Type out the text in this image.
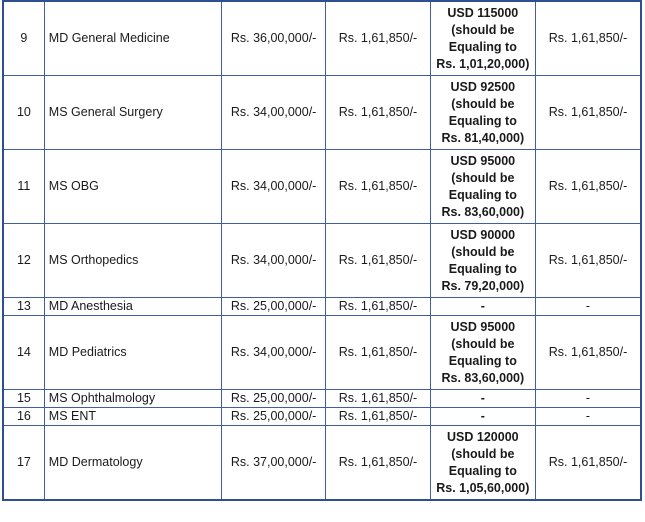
9	MD General Medicine	Rs. 36,00,000/-	Rs. 1,61,850/-	USD 115000
(should be
Equaling to
Rs. 1,01,20,000)	Rs. 1,61,850/-
10	MS General Surgery	Rs. 34,00,000/-	Rs. 1,61,850/-	USD 92500
(should be
Equaling to
Rs. 81,40,000)	Rs. 1,61,850/-
11	MS OBG	Rs. 34,00,000/-	Rs. 1,61,850/-	USD 95000
(should be
Equaling to
Rs. 83,60,000)	Rs. 1,61,850/-
12	MS Orthopedics	Rs. 34,00,000/-	Rs. 1,61,850/-	USD 90000
(should be
Equaling to
Rs. 79,20,000)	Rs. 1,61,850/-
13	MD Anesthesia	Rs. 25,00,000/-	Rs. 1,61,850/-	-	-
14	MD Pediatrics	Rs. 34,00,000/-	Rs. 1,61,850/-	USD 95000
(should be
Equaling to
Rs. 83,60,000)	Rs. 1,61,850/-
15	MS Ophthalmology	Rs. 25,00,000/-	Rs. 1,61,850/-	-	-
16	MS ENT	Rs. 25,00,000/-	Rs. 1,61,850/-	-	-
17	MD Dermatology	Rs. 37,00,000/-	Rs. 1,61,850/-	USD 120000
(should be
Equaling to
Rs. 1,05,60,000)	Rs. 1,61,850/-
